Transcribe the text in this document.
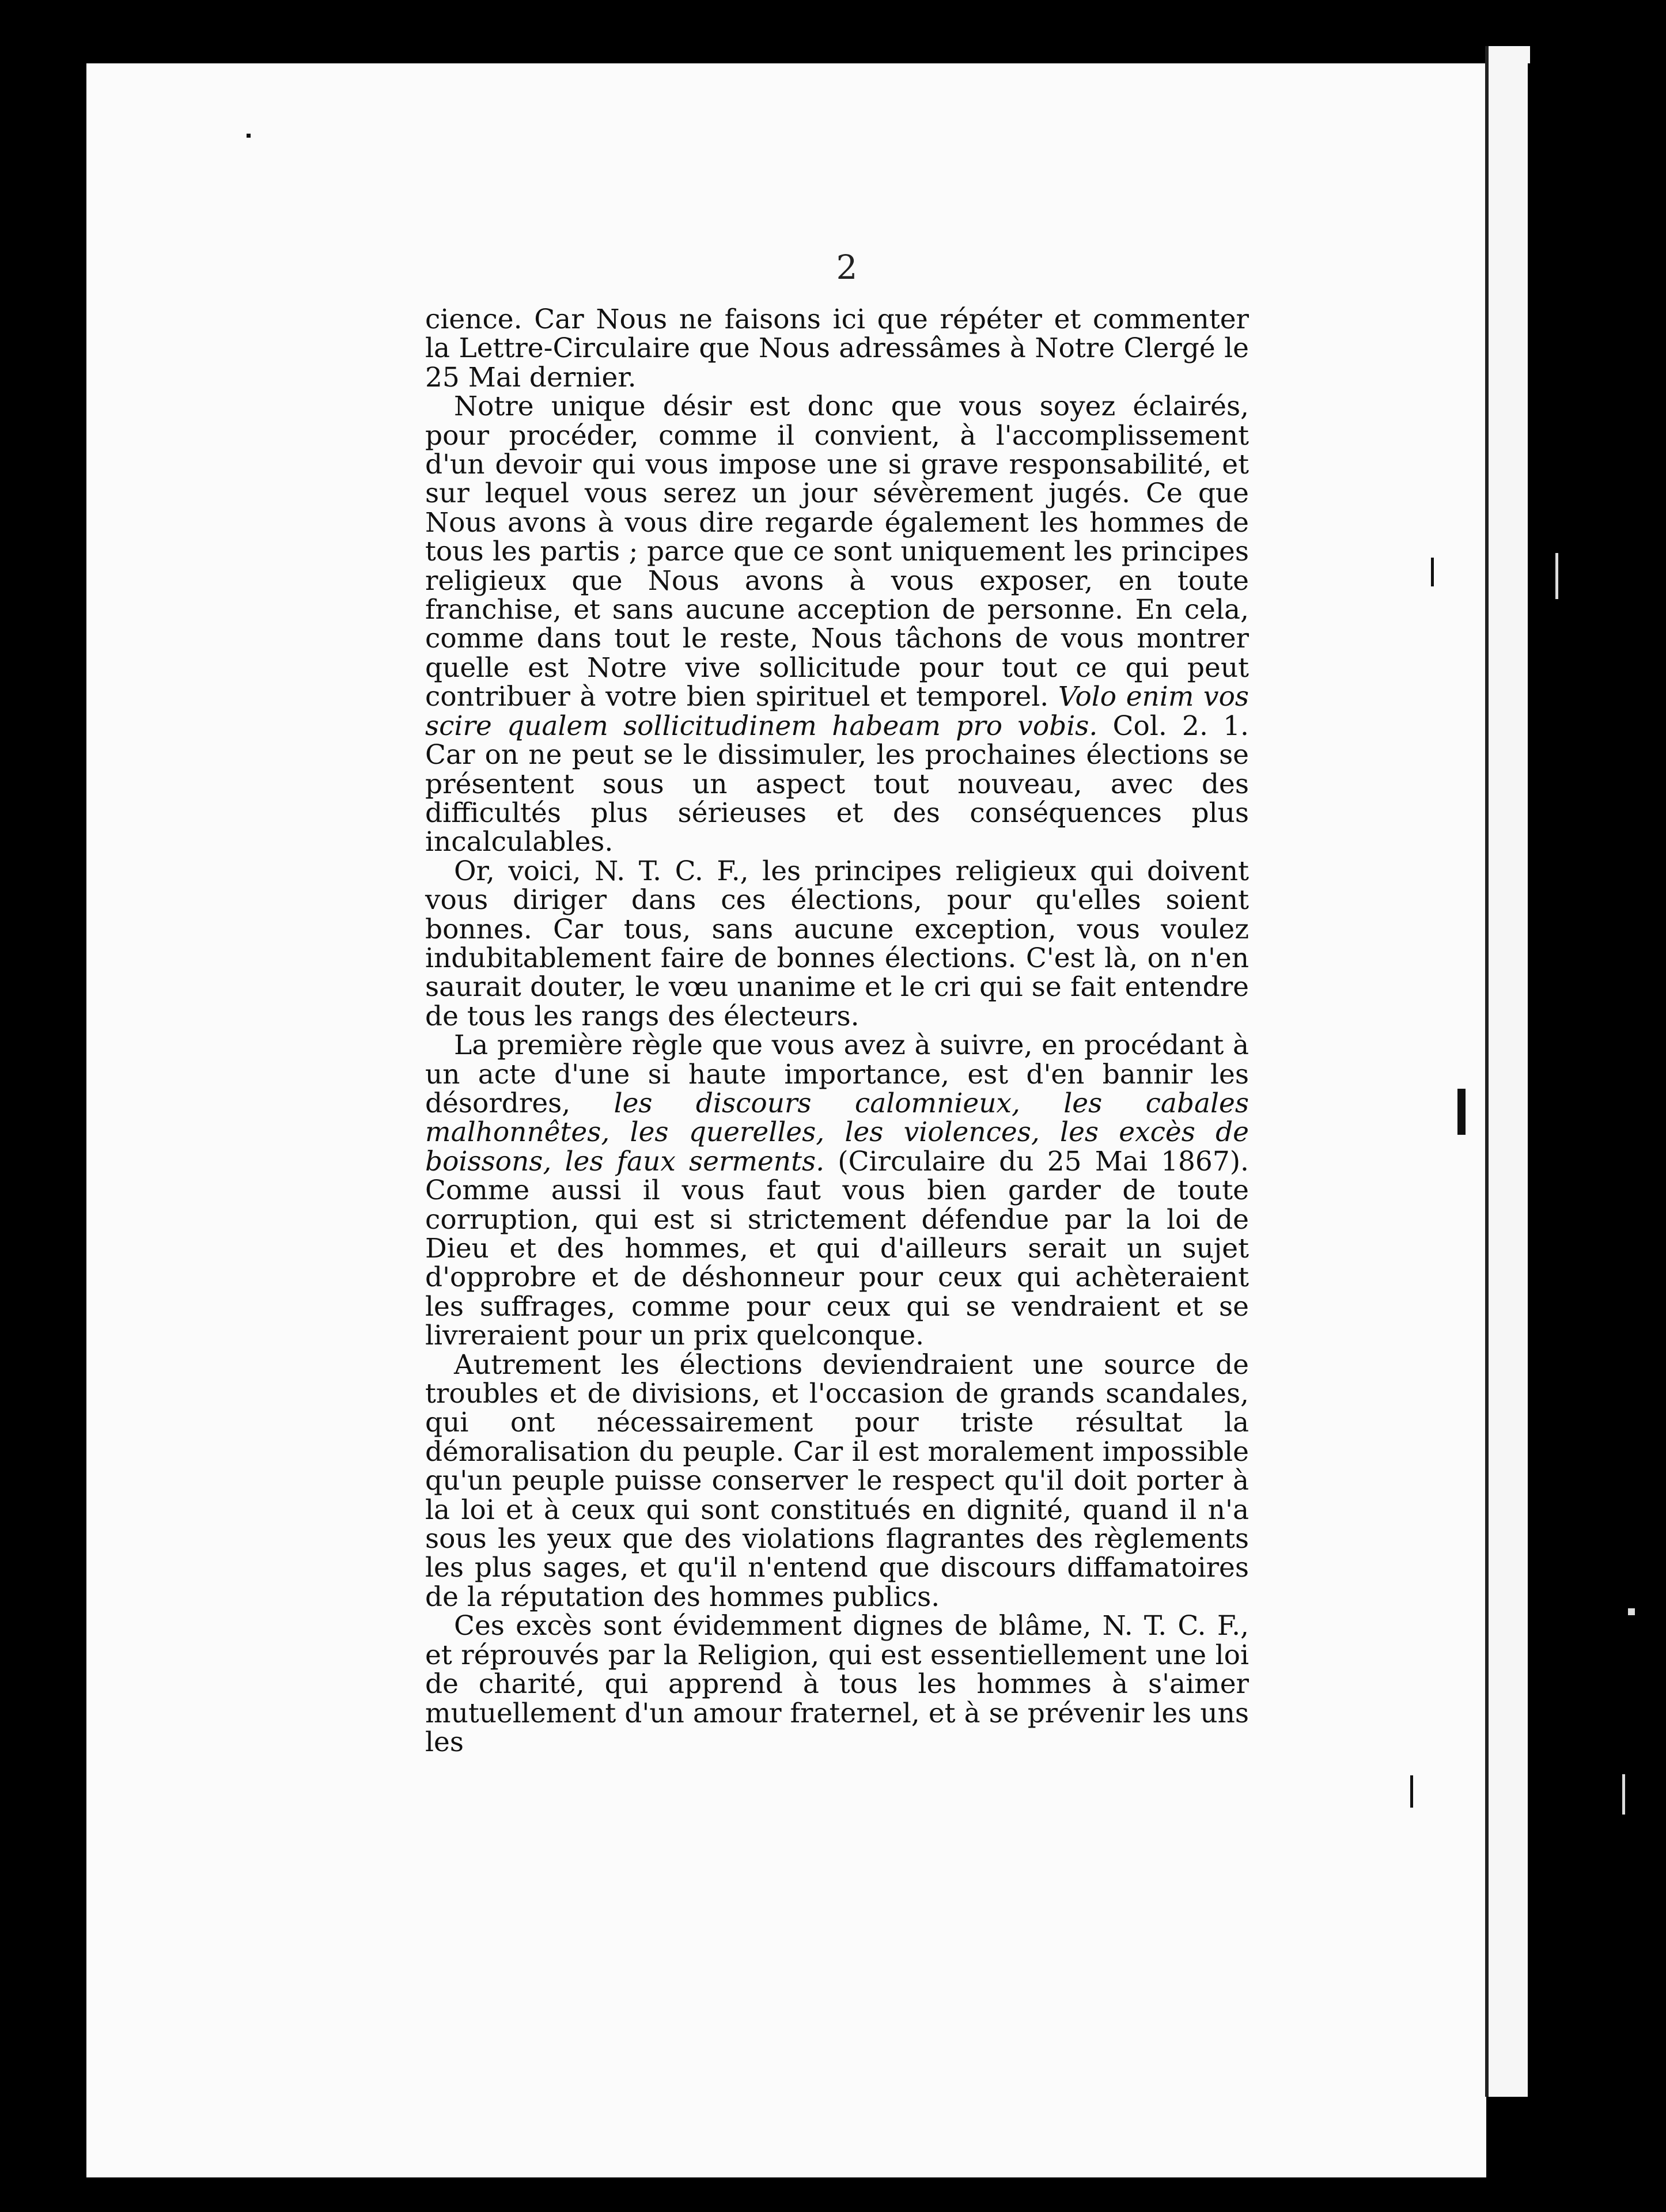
2

cience. Car Nous ne faisons ici que répéter et commenter la Lettre-Circulaire que Nous adressâmes à Notre Clergé le 25 Mai dernier.

Notre unique désir est donc que vous soyez éclairés, pour procéder, comme il convient, à l'accomplissement d'un devoir qui vous impose une si grave responsabilité, et sur lequel vous serez un jour sévèrement jugés. Ce que Nous avons à vous dire regarde également les hommes de tous les partis ; parce que ce sont uniquement les principes religieux que Nous avons à vous exposer, en toute franchise, et sans aucune acception de personne. En cela, comme dans tout le reste, Nous tâchons de vous montrer quelle est Notre vive sollicitude pour tout ce qui peut contribuer à votre bien spirituel et temporel. Volo enim vos scire qualem sollicitudinem habeam pro vobis. Col. 2. 1. Car on ne peut se le dissimuler, les prochaines élections se présentent sous un aspect tout nouveau, avec des difficultés plus sérieuses et des conséquences plus incalculables.

Or, voici, N. T. C. F., les principes religieux qui doivent vous diriger dans ces élections, pour qu'elles soient bonnes. Car tous, sans aucune exception, vous voulez indubitablement faire de bonnes élections. C'est là, on n'en saurait douter, le vœu unanime et le cri qui se fait entendre de tous les rangs des électeurs.

La première règle que vous avez à suivre, en procédant à un acte d'une si haute importance, est d'en bannir les désordres, les discours calomnieux, les cabales malhonnêtes, les querelles, les violences, les excès de boissons, les faux serments. (Circulaire du 25 Mai 1867). Comme aussi il vous faut vous bien garder de toute corruption, qui est si strictement défendue par la loi de Dieu et des hommes, et qui d'ailleurs serait un sujet d'opprobre et de déshonneur pour ceux qui achèteraient les suffrages, comme pour ceux qui se vendraient et se livreraient pour un prix quelconque.

Autrement les élections deviendraient une source de troubles et de divisions, et l'occasion de grands scandales, qui ont nécessairement pour triste résultat la démoralisation du peuple. Car il est moralement impossible qu'un peuple puisse conserver le respect qu'il doit porter à la loi et à ceux qui sont constitués en dignité, quand il n'a sous les yeux que des violations flagrantes des règlements les plus sages, et qu'il n'entend que discours diffamatoires de la réputation des hommes publics.

Ces excès sont évidemment dignes de blâme, N. T. C. F., et réprouvés par la Religion, qui est essentiellement une loi de charité, qui apprend à tous les hommes à s'aimer mutuellement d'un amour fraternel, et à se prévenir les uns les
